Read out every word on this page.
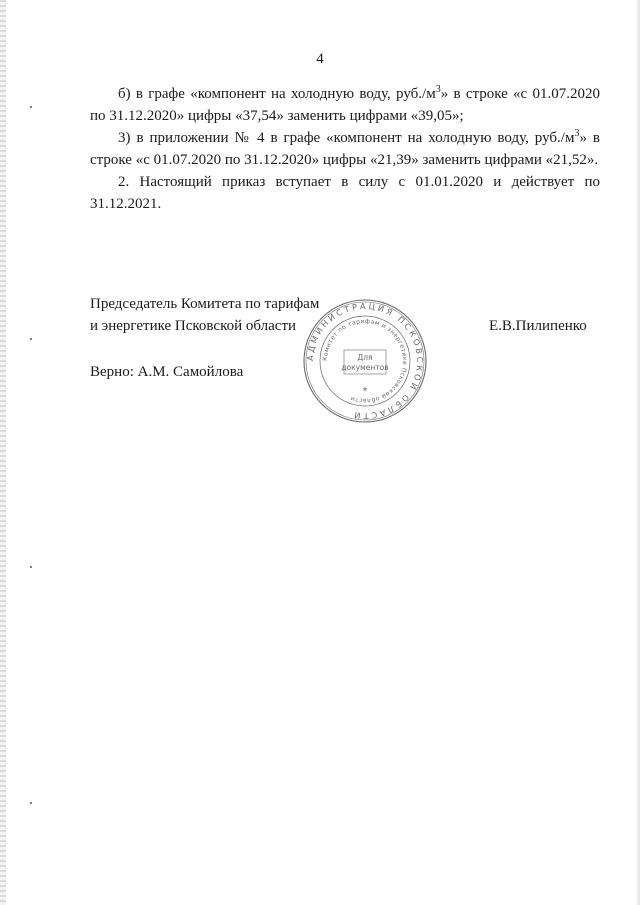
4

б) в графе «компонент на холодную воду, $руб./м^3$» в строке «с 01.07.2020 по 31.12.2020» цифры «37,54» заменить цифрами «39,05»;

3) в приложении № 4 в графе «компонент на холодную воду, $руб./м^3$» в строке «с 01.07.2020 по 31.12.2020» цифры «21,39» заменить цифрами «21,52».

2. Настоящий приказ вступает в силу с 01.01.2020 и действует по 31.12.2021.

Председатель Комитета по тарифам
и энергетике Псковской области	Е.В.Пилипенко
Верно: А.М. Самойлова
АДМИНИСТРАЦИЯ ПСКОВСКОЙ ОБЛАСТИ
Комитет по тарифам и энергетике Псковской области
Для
документов
*
